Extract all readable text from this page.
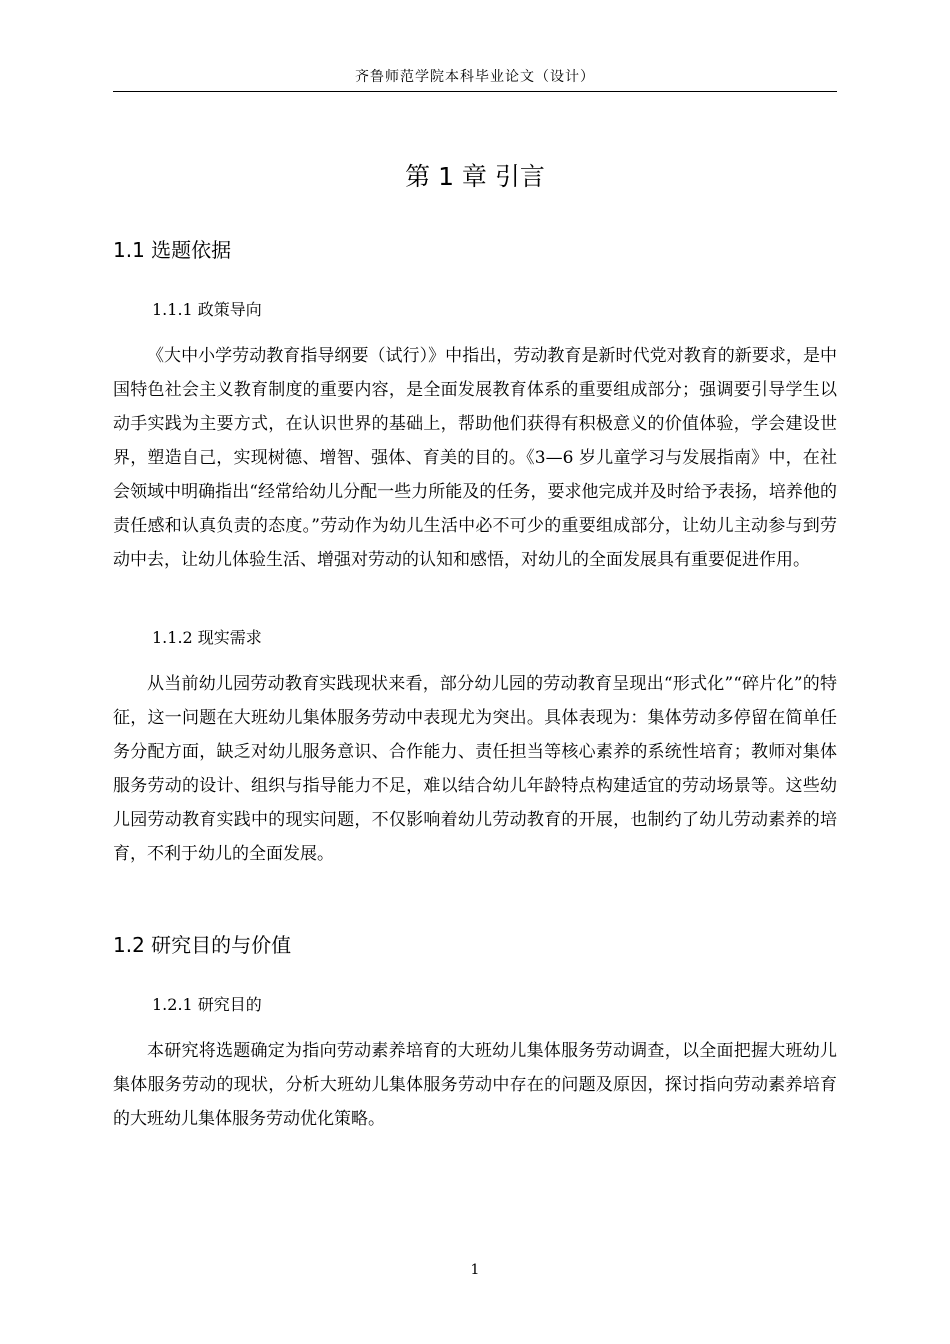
齐鲁师范学院本科毕业论文（设计）
第 1 章 引言
1.1 选题依据
1.1.1 政策导向

《大中小学劳动教育指导纲要（试行）》中指出，劳动教育是新时代党对教育的新要求，是中国特色社会主义教育制度的重要内容，是全面发展教育体系的重要组成部分；强调要引导学生以动手实践为主要方式，在认识世界的基础上，帮助他们获得有积极意义的价值体验，学会建设世界，塑造自己，实现树德、增智、强体、育美的目的。《3—6 岁儿童学习与发展指南》中，在社会领域中明确指出“经常给幼儿分配一些力所能及的任务，要求他完成并及时给予表扬，培养他的责任感和认真负责的态度。”劳动作为幼儿生活中必不可少的重要组成部分，让幼儿主动参与到劳动中去，让幼儿体验生活、增强对劳动的认知和感悟，对幼儿的全面发展具有重要促进作用。

1.1.2 现实需求

从当前幼儿园劳动教育实践现状来看，部分幼儿园的劳动教育呈现出“形式化”“碎片化”的特征，这一问题在大班幼儿集体服务劳动中表现尤为突出。具体表现为：集体劳动多停留在简单任务分配方面，缺乏对幼儿服务意识、合作能力、责任担当等核心素养的系统性培育；教师对集体服务劳动的设计、组织与指导能力不足，难以结合幼儿年龄特点构建适宜的劳动场景等。这些幼儿园劳动教育实践中的现实问题，不仅影响着幼儿劳动教育的开展，也制约了幼儿劳动素养的培育，不利于幼儿的全面发展。

1.2 研究目的与价值
1.2.1 研究目的

本研究将选题确定为指向劳动素养培育的大班幼儿集体服务劳动调查，以全面把握大班幼儿集体服务劳动的现状，分析大班幼儿集体服务劳动中存在的问题及原因，探讨指向劳动素养培育的大班幼儿集体服务劳动优化策略。

1
